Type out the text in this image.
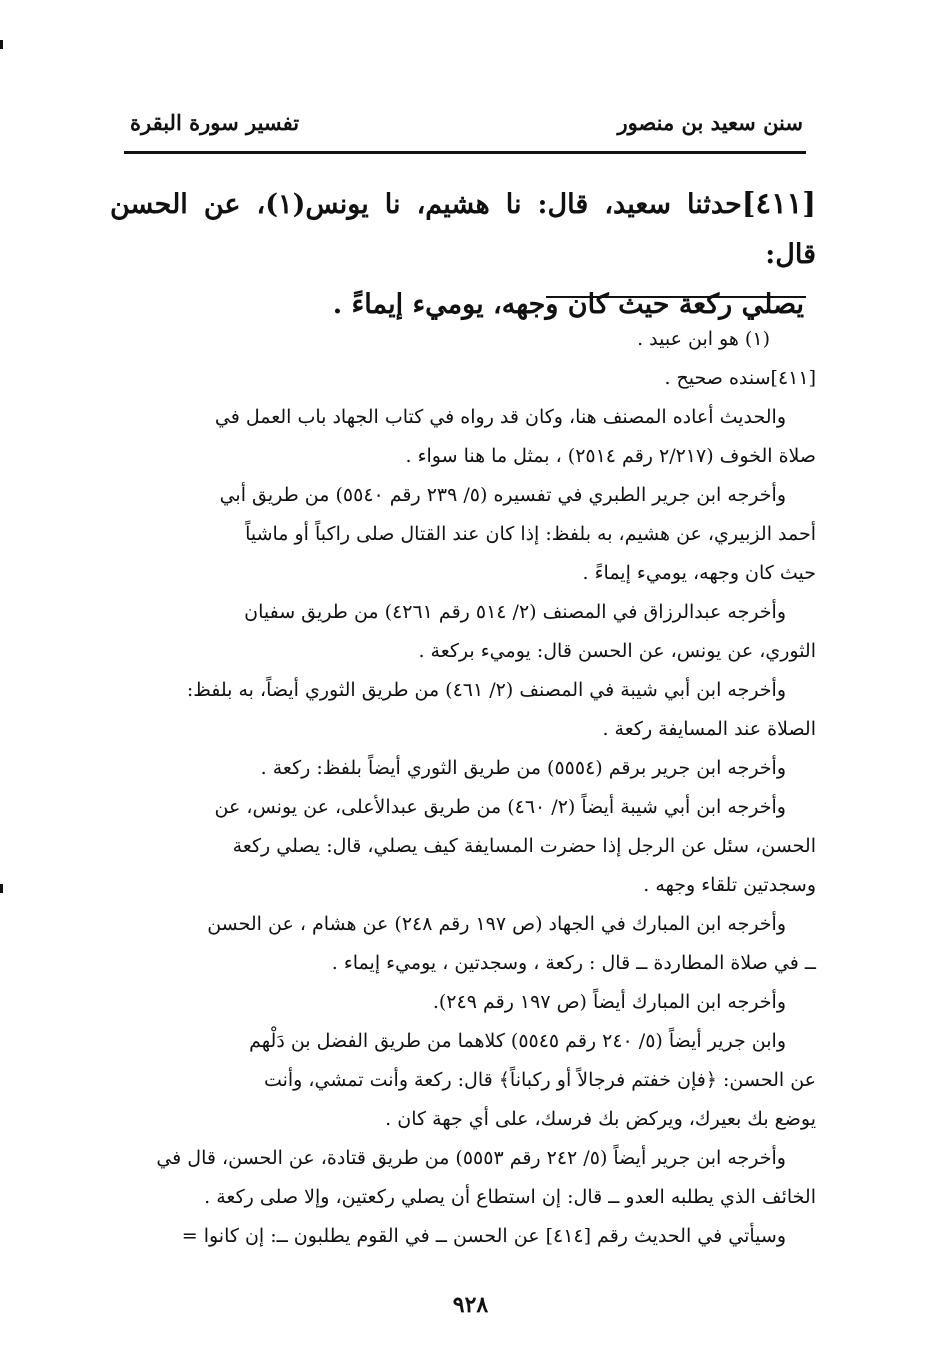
سنن سعيد بن منصور
تفسير سورة البقرة
[٤١١]حدثنا سعيد، قال: نا هشيم، نا يونس(١)، عن الحسن قال:
يصلي ركعة حيث كان وجهه، يوميء إيماءً .

(١) هو ابن عبيد .

[٤١١]سنده صحيح .

والحديث أعاده المصنف هنا، وكان قد رواه في كتاب الجهاد باب العمل في

صلاة الخوف (٢/٢١٧ رقم ٢٥١٤) ، بمثل ما هنا سواء .

وأخرجه ابن جرير الطبري في تفسيره (٥/ ٢٣٩ رقم ٥٥٤٠) من طريق أبي

أحمد الزبيري، عن هشيم، به بلفظ: إذا كان عند القتال صلى راكباً أو ماشياً

حيث كان وجهه، يوميء إيماءً .

وأخرجه عبدالرزاق في المصنف (٢/ ٥١٤ رقم ٤٢٦١) من طريق سفيان

الثوري، عن يونس، عن الحسن قال: يوميء بركعة .

وأخرجه ابن أبي شيبة في المصنف (٢/ ٤٦١) من طريق الثوري أيضاً، به بلفظ:

الصلاة عند المسايفة ركعة .

وأخرجه ابن جرير برقم (٥٥٥٤) من طريق الثوري أيضاً بلفظ: ركعة .

وأخرجه ابن أبي شيبة أيضاً (٢/ ٤٦٠) من طريق عبدالأعلى، عن يونس، عن

الحسن، سئل عن الرجل إذا حضرت المسايفة كيف يصلي، قال: يصلي ركعة

وسجدتين تلقاء وجهه .

وأخرجه ابن المبارك في الجهاد (ص ١٩٧ رقم ٢٤٨) عن هشام ، عن الحسن

ــ في صلاة المطاردة ــ قال : ركعة ، وسجدتين ، يوميء إيماء .

وأخرجه ابن المبارك أيضاً (ص ١٩٧ رقم ٢٤٩).

وابن جرير أيضاً (٥/ ٢٤٠ رقم ٥٥٤٥) كلاهما من طريق الفضل بن دَلْهم

عن الحسن: ﴿فإن خفتم فرجالاً أو ركباناً﴾ قال: ركعة وأنت تمشي، وأنت

يوضع بك بعيرك، ويركض بك فرسك، على أي جهة كان .

وأخرجه ابن جرير أيضاً (٥/ ٢٤٢ رقم ٥٥٥٣) من طريق قتادة، عن الحسن، قال في

الخائف الذي يطلبه العدو ــ قال: إن استطاع أن يصلي ركعتين، وإلا صلى ركعة .

وسيأتي في الحديث رقم [٤١٤] عن الحسن ــ في القوم يطلبون ــ: إن كانوا =

٩٢٨
